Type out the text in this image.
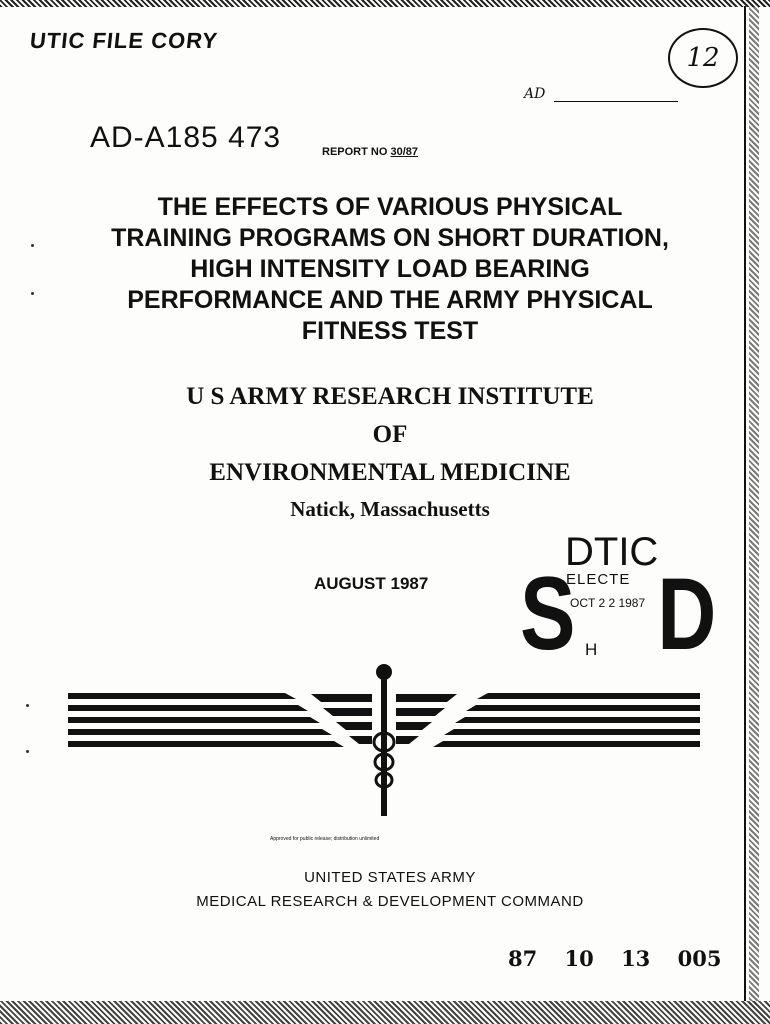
UTIC FILE CORY
12
AD
AD-A185 473	REPORT NO 30/87
THE EFFECTS OF VARIOUS PHYSICAL
TRAINING PROGRAMS ON SHORT DURATION,
HIGH INTENSITY LOAD BEARING
PERFORMANCE AND THE ARMY PHYSICAL
FITNESS TEST
U S ARMY RESEARCH INSTITUTE
OF
ENVIRONMENTAL MEDICINE
Natick, Massachusetts
AUGUST 1987
DTIC
S D
ELECTE
OCT 2 2 1987
H
Approved for public release; distribution unlimited
UNITED STATES ARMY
MEDICAL RESEARCH & DEVELOPMENT COMMAND
87 10 13 005
